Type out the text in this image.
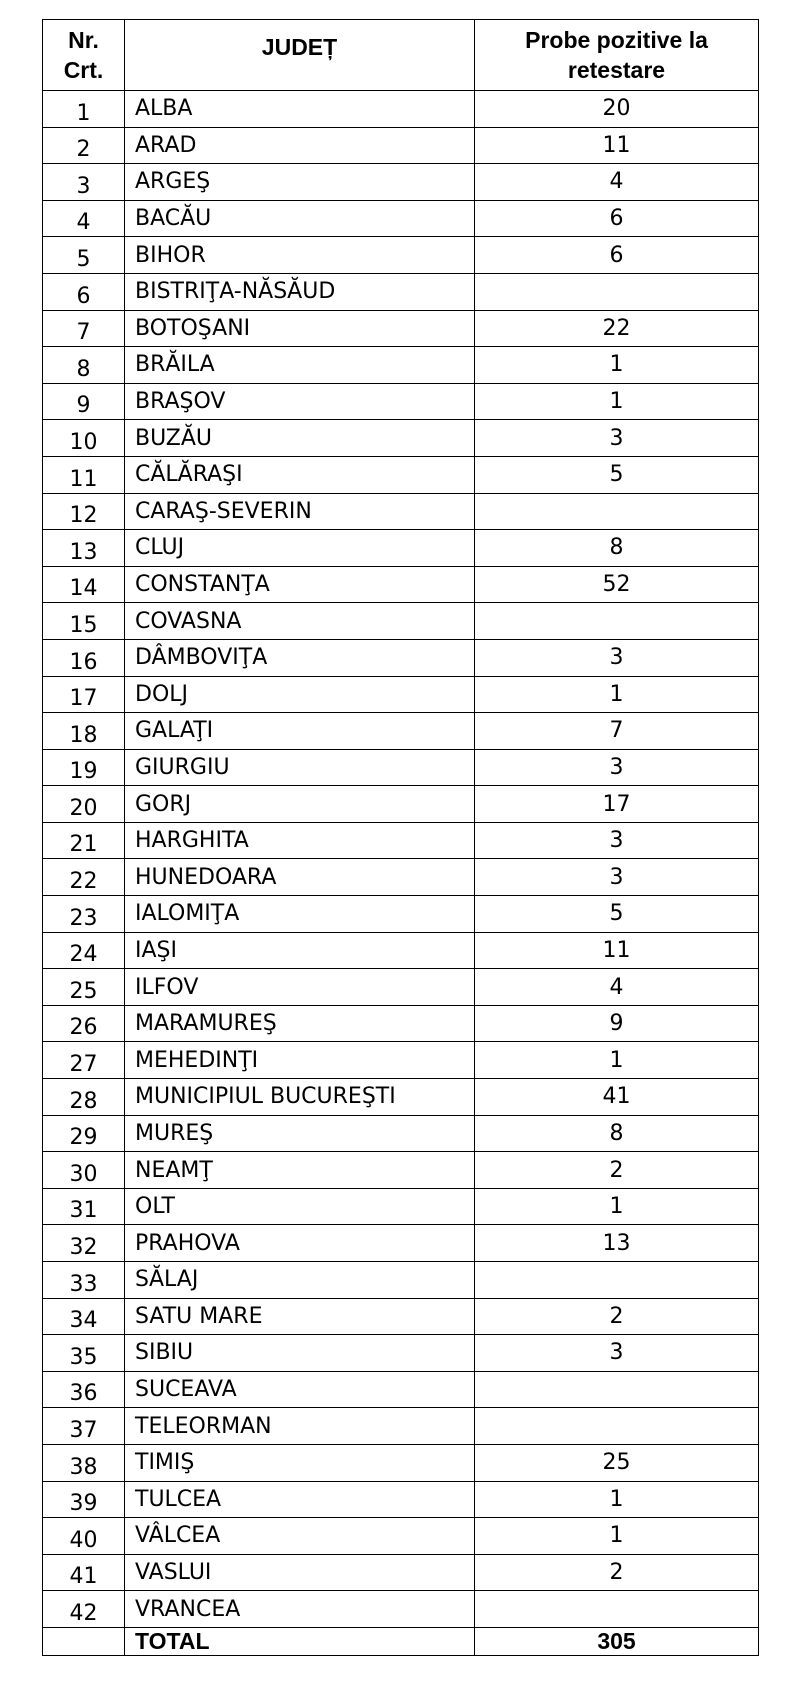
Nr.
Crt.	JUDEȚ	Probe pozitive la
retestare

1	ALBA	20
2	ARAD	11
3	ARGEŞ	4
4	BACĂU	6
5	BIHOR	6
6	BISTRIŢA-NĂSĂUD	
7	BOTOŞANI	22
8	BRĂILA	1
9	BRAŞOV	1
10	BUZĂU	3
11	CĂLĂRAŞI	5
12	CARAŞ-SEVERIN	
13	CLUJ	8
14	CONSTANŢA	52
15	COVASNA	
16	DÂMBOVIŢA	3
17	DOLJ	1
18	GALAŢI	7
19	GIURGIU	3
20	GORJ	17
21	HARGHITA	3
22	HUNEDOARA	3
23	IALOMIŢA	5
24	IAŞI	11
25	ILFOV	4
26	MARAMUREŞ	9
27	MEHEDINŢI	1
28	MUNICIPIUL BUCUREŞTI	41
29	MUREŞ	8
30	NEAMŢ	2
31	OLT	1
32	PRAHOVA	13
33	SĂLAJ	
34	SATU MARE	2
35	SIBIU	3
36	SUCEAVA	
37	TELEORMAN	
38	TIMIŞ	25
39	TULCEA	1
40	VÂLCEA	1
41	VASLUI	2
42	VRANCEA	
	TOTAL	305
